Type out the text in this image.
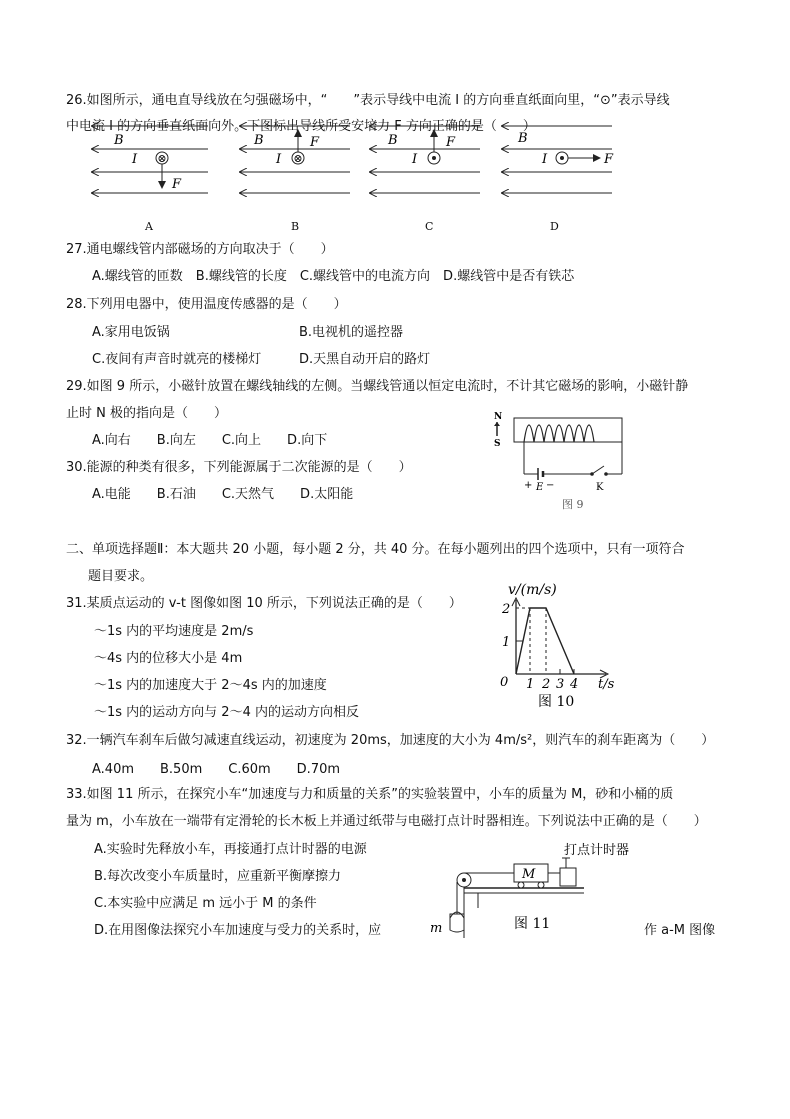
26.如图所示，通电直导线放在匀强磁场中，“　　”表示导线中电流 I 的方向垂直纸面向里，“⊙”表示导线
中电流 I 的方向垂直纸面向外。下图标出导线所受安培力 F 方向正确的是（　　）
⊗
B
I
F
⊗
B
I
F	B
I
F	B
I	F
A	B	C	D
27.通电螺线管内部磁场的方向取决于（　　）
A.螺线管的匝数　B.螺线管的长度　C.螺线管中的电流方向　D.螺线管中是否有铁芯
28.下列用电器中，使用温度传感器的是（　　）
A.家用电饭锅	B.电视机的遥控器
C.夜间有声音时就亮的楼梯灯	D.天黑自动开启的路灯
29.如图 9 所示，小磁针放置在螺线轴线的左侧。当螺线管通以恒定电流时，不计其它磁场的影响，小磁针静
止时 N 极的指向是（　　）
A.向右　　B.向左　　C.向上　　D.向下
N
S
+ E −	K
图 9
30.能源的种类有很多，下列能源属于二次能源的是（　　）
A.电能　　B.石油　　C.天然气　　D.太阳能
二、单项选择题Ⅱ：本大题共 20 小题，每小题 2 分，共 40 分。在每小题列出的四个选项中，只有一项符合
题目要求。
31.某质点运动的 v-t 图像如图 10 所示，下列说法正确的是（　　）
～1s 内的平均速度是 2m/s
～4s 内的位移大小是 4m
～1s 内的加速度大于 2～4s 内的加速度
～1s 内的运动方向与 2～4 内的运动方向相反
v/(m/s)
2
1
0 1 2 3 4 t/s
图 10
32.一辆汽车刹车后做匀减速直线运动，初速度为 20ms，加速度的大小为 4m/s²，则汽车的刹车距离为（　　）
A.40m　　B.50m　　C.60m　　D.70m
33.如图 11 所示，在探究小车“加速度与力和质量的关系”的实验装置中，小车的质量为 M，砂和小桶的质
量为 m，小车放在一端带有定滑轮的长木板上并通过纸带与电磁打点计时器相连。下列说法中正确的是（　　）
A.实验时先释放小车，再接通打点计时器的电源
B.每次改变小车质量时，应重新平衡摩擦力
C.本实验中应满足 m 远小于 M 的条件
D.在用图像法探究小车加速度与受力的关系时，应	作 a-M 图像
打点计时器
M
m	图 11
